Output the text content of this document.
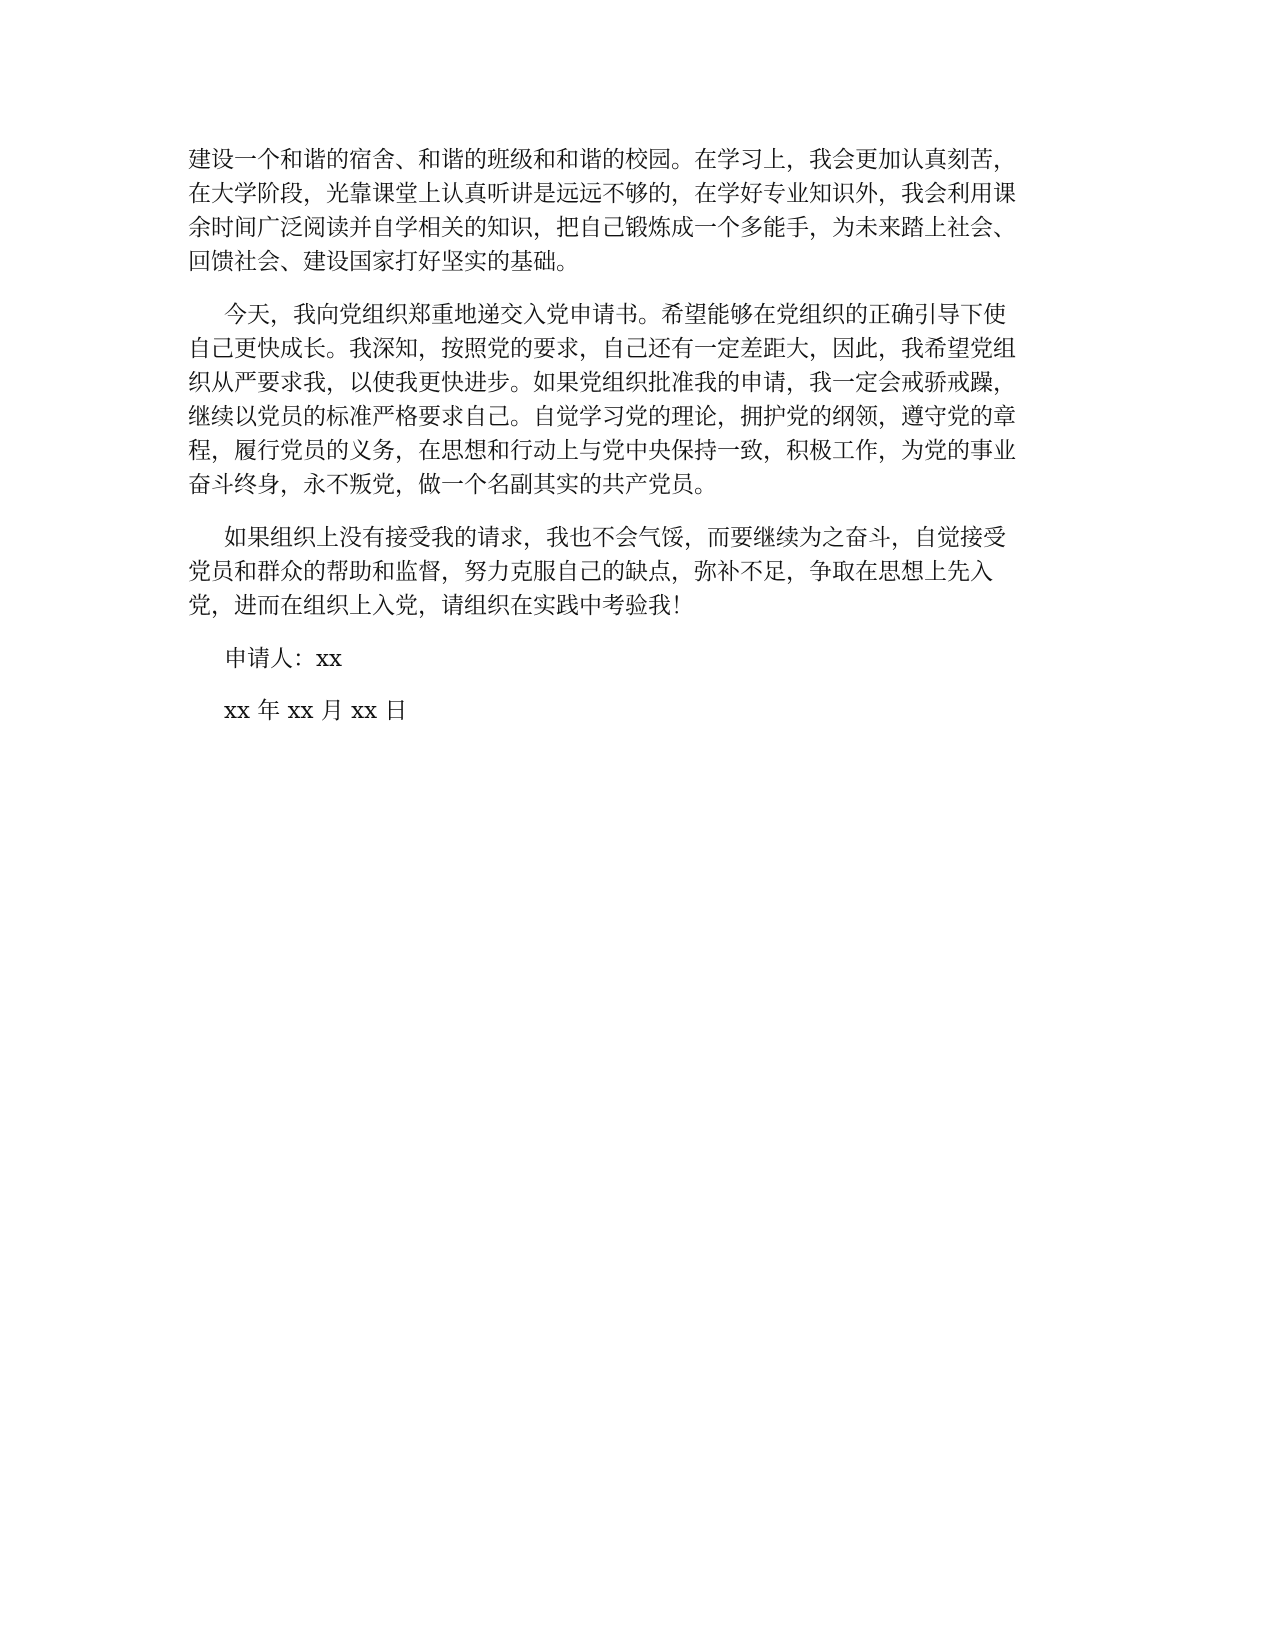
建设一个和谐的宿舍、和谐的班级和和谐的校园。在学习上，我会更加认真刻苦，
在大学阶段，光靠课堂上认真听讲是远远不够的，在学好专业知识外，我会利用课
余时间广泛阅读并自学相关的知识，把自己锻炼成一个多能手，为未来踏上社会、
回馈社会、建设国家打好坚实的基础。
今天，我向党组织郑重地递交入党申请书。希望能够在党组织的正确引导下使
自己更快成长。我深知，按照党的要求，自己还有一定差距大，因此，我希望党组
织从严要求我，以使我更快进步。如果党组织批准我的申请，我一定会戒骄戒躁，
继续以党员的标准严格要求自己。自觉学习党的理论，拥护党的纲领，遵守党的章
程，履行党员的义务，在思想和行动上与党中央保持一致，积极工作，为党的事业
奋斗终身，永不叛党，做一个名副其实的共产党员。
如果组织上没有接受我的请求，我也不会气馁，而要继续为之奋斗，自觉接受
党员和群众的帮助和监督，努力克服自己的缺点，弥补不足，争取在思想上先入
党，进而在组织上入党，请组织在实践中考验我！
申请人：xx
xx 年 xx 月 xx 日
